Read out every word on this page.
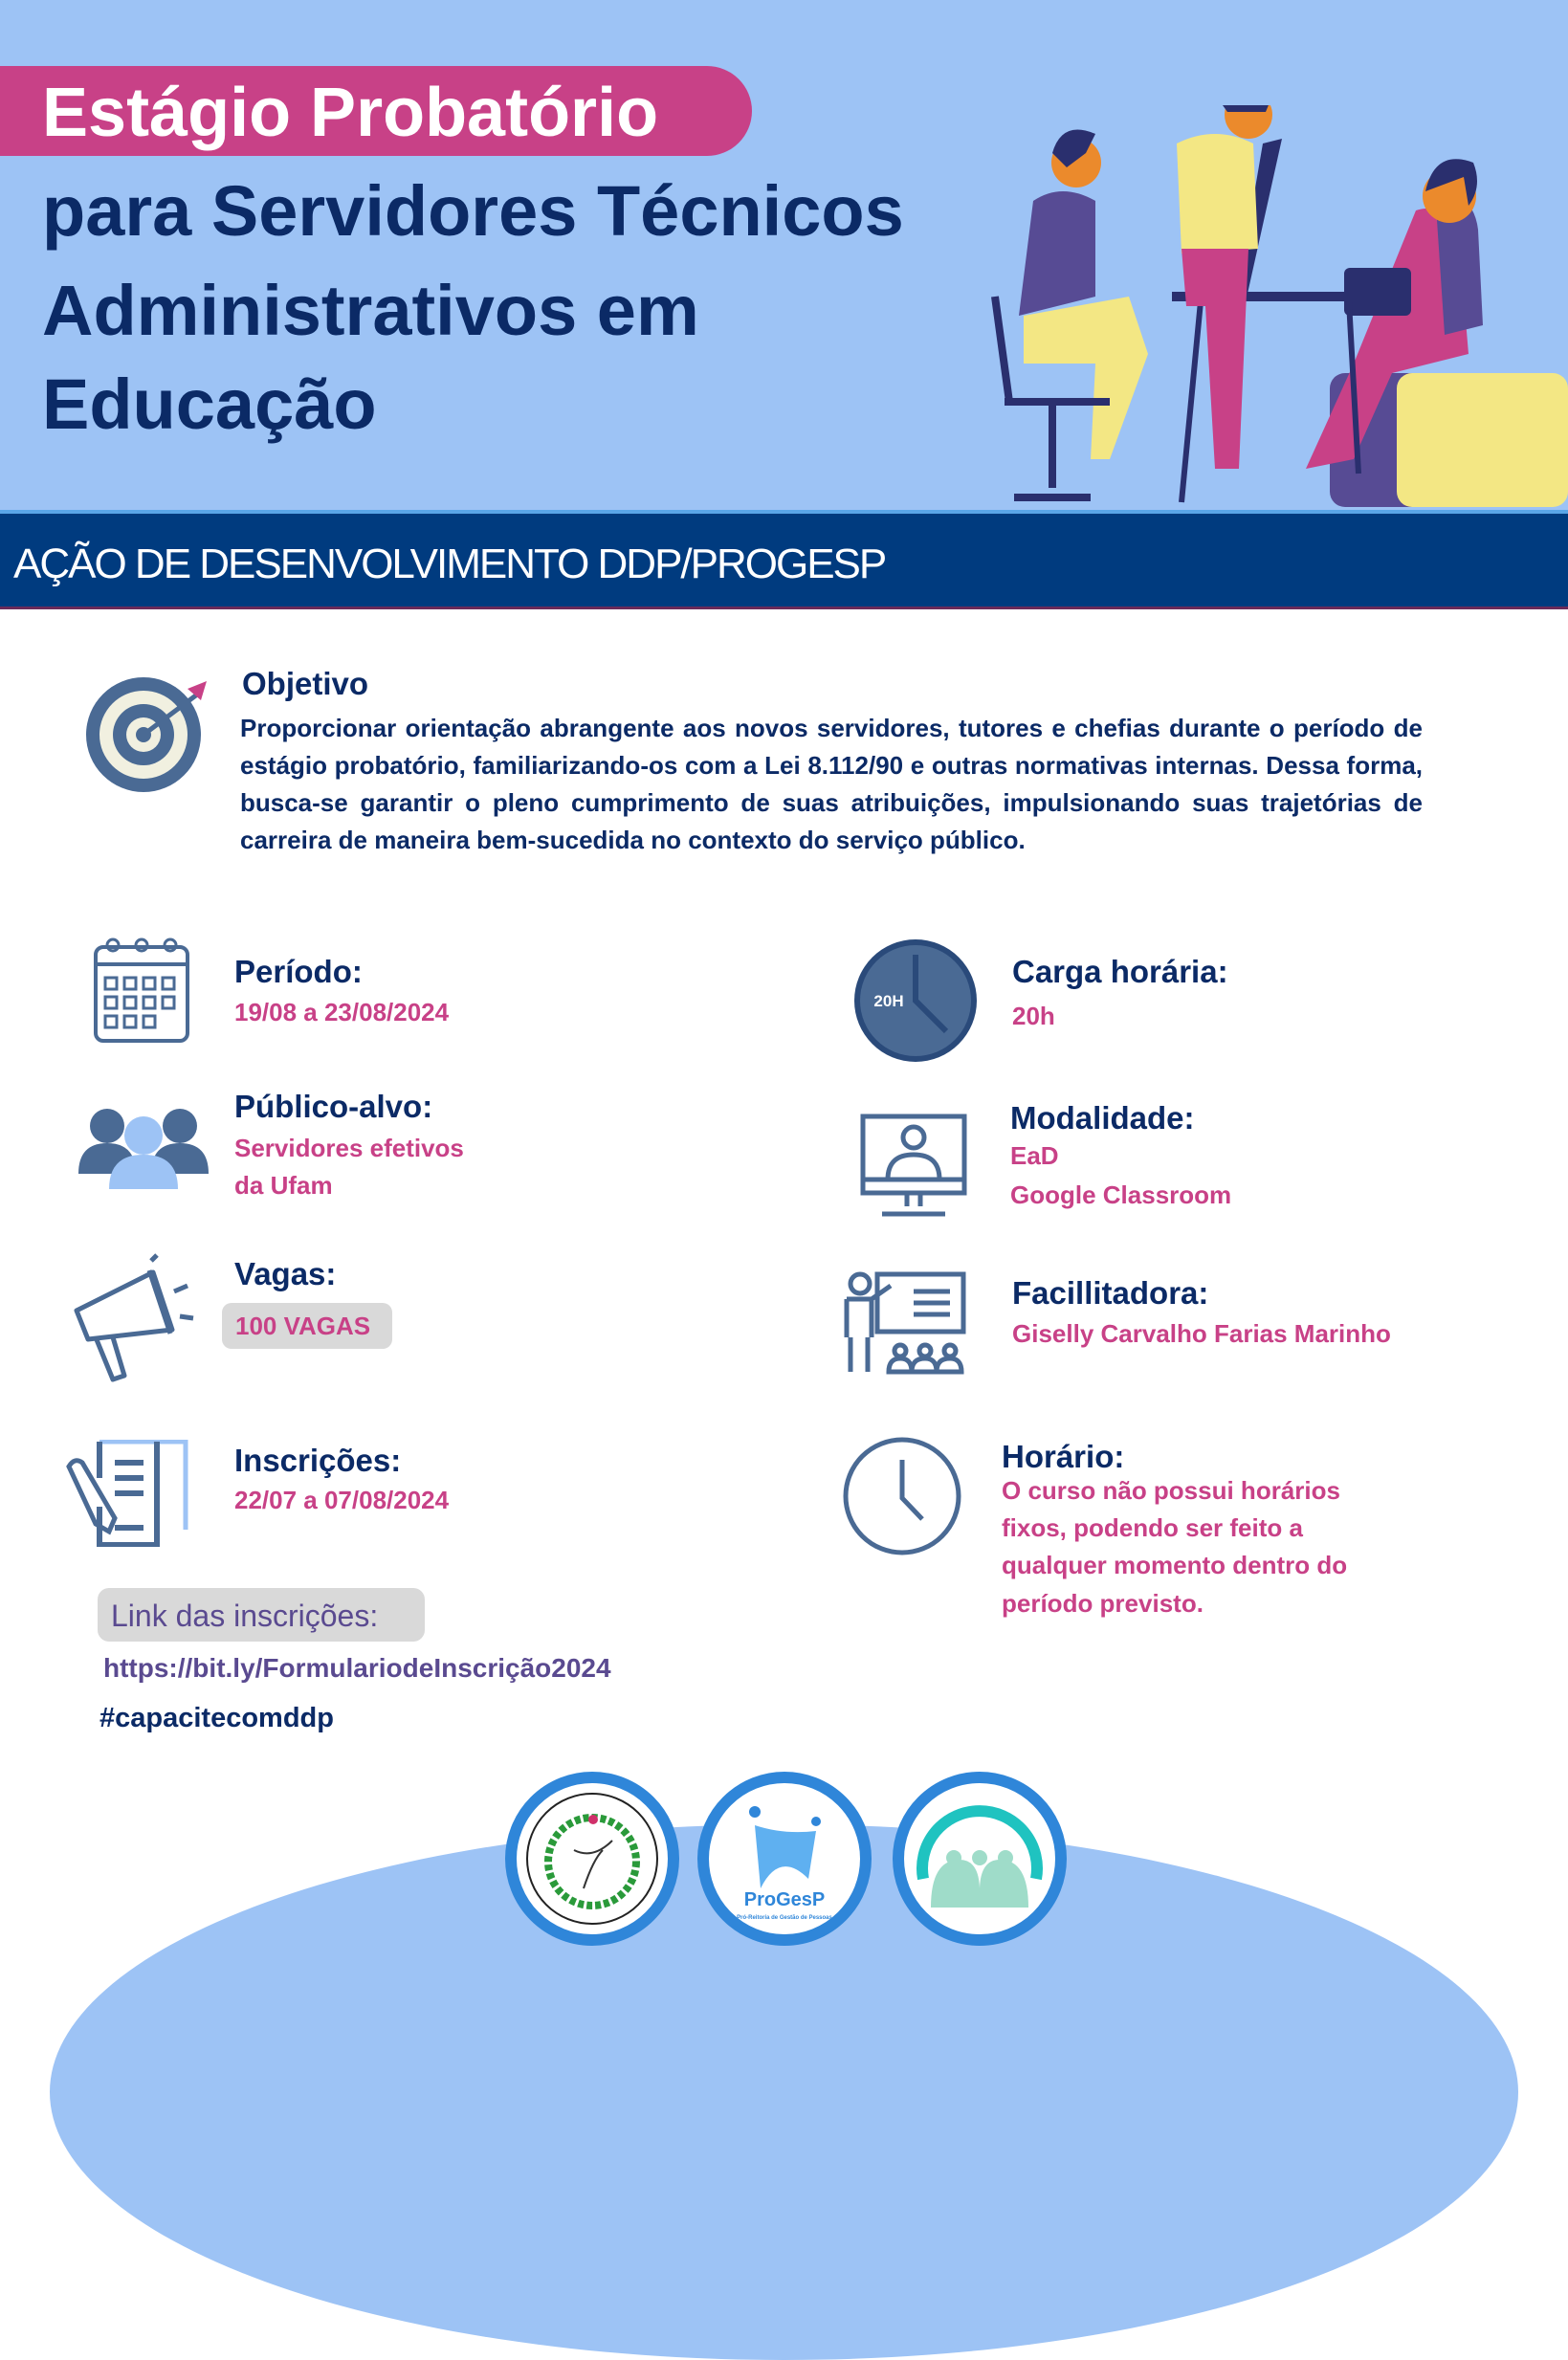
Estágio Probatório
para Servidores Técnicos
Administrativos em
Educação
AÇÃO DE DESENVOLVIMENTO DDP/PROGESP
Objetivo
Proporcionar orientação abrangente aos novos servidores, tutores e chefias durante o período de estágio probatório, familiarizando-os com a Lei 8.112/90 e outras normativas internas. Dessa forma, busca-se garantir o pleno cumprimento de suas atribuições, impulsionando suas trajetórias de carreira de maneira bem-sucedida no contexto do serviço público.
Período:
19/08 a 23/08/2024
Público-alvo:
Servidores efetivos
da Ufam
Vagas:
100 VAGAS
Inscrições:
22/07 a 07/08/2024
Link das inscrições:
https://bit.ly/FormulariodeInscrição2024
#capacitecomddp
20H
Carga horária:
20h
Modalidade:
EaD
Google Classroom
Facillitadora:
Giselly Carvalho Farias Marinho
Horário:
O curso não possui horários
fixos, podendo ser feito a
qualquer momento dentro do
período previsto.
ProGesP
Pró-Reitoria de Gestão de Pessoas
